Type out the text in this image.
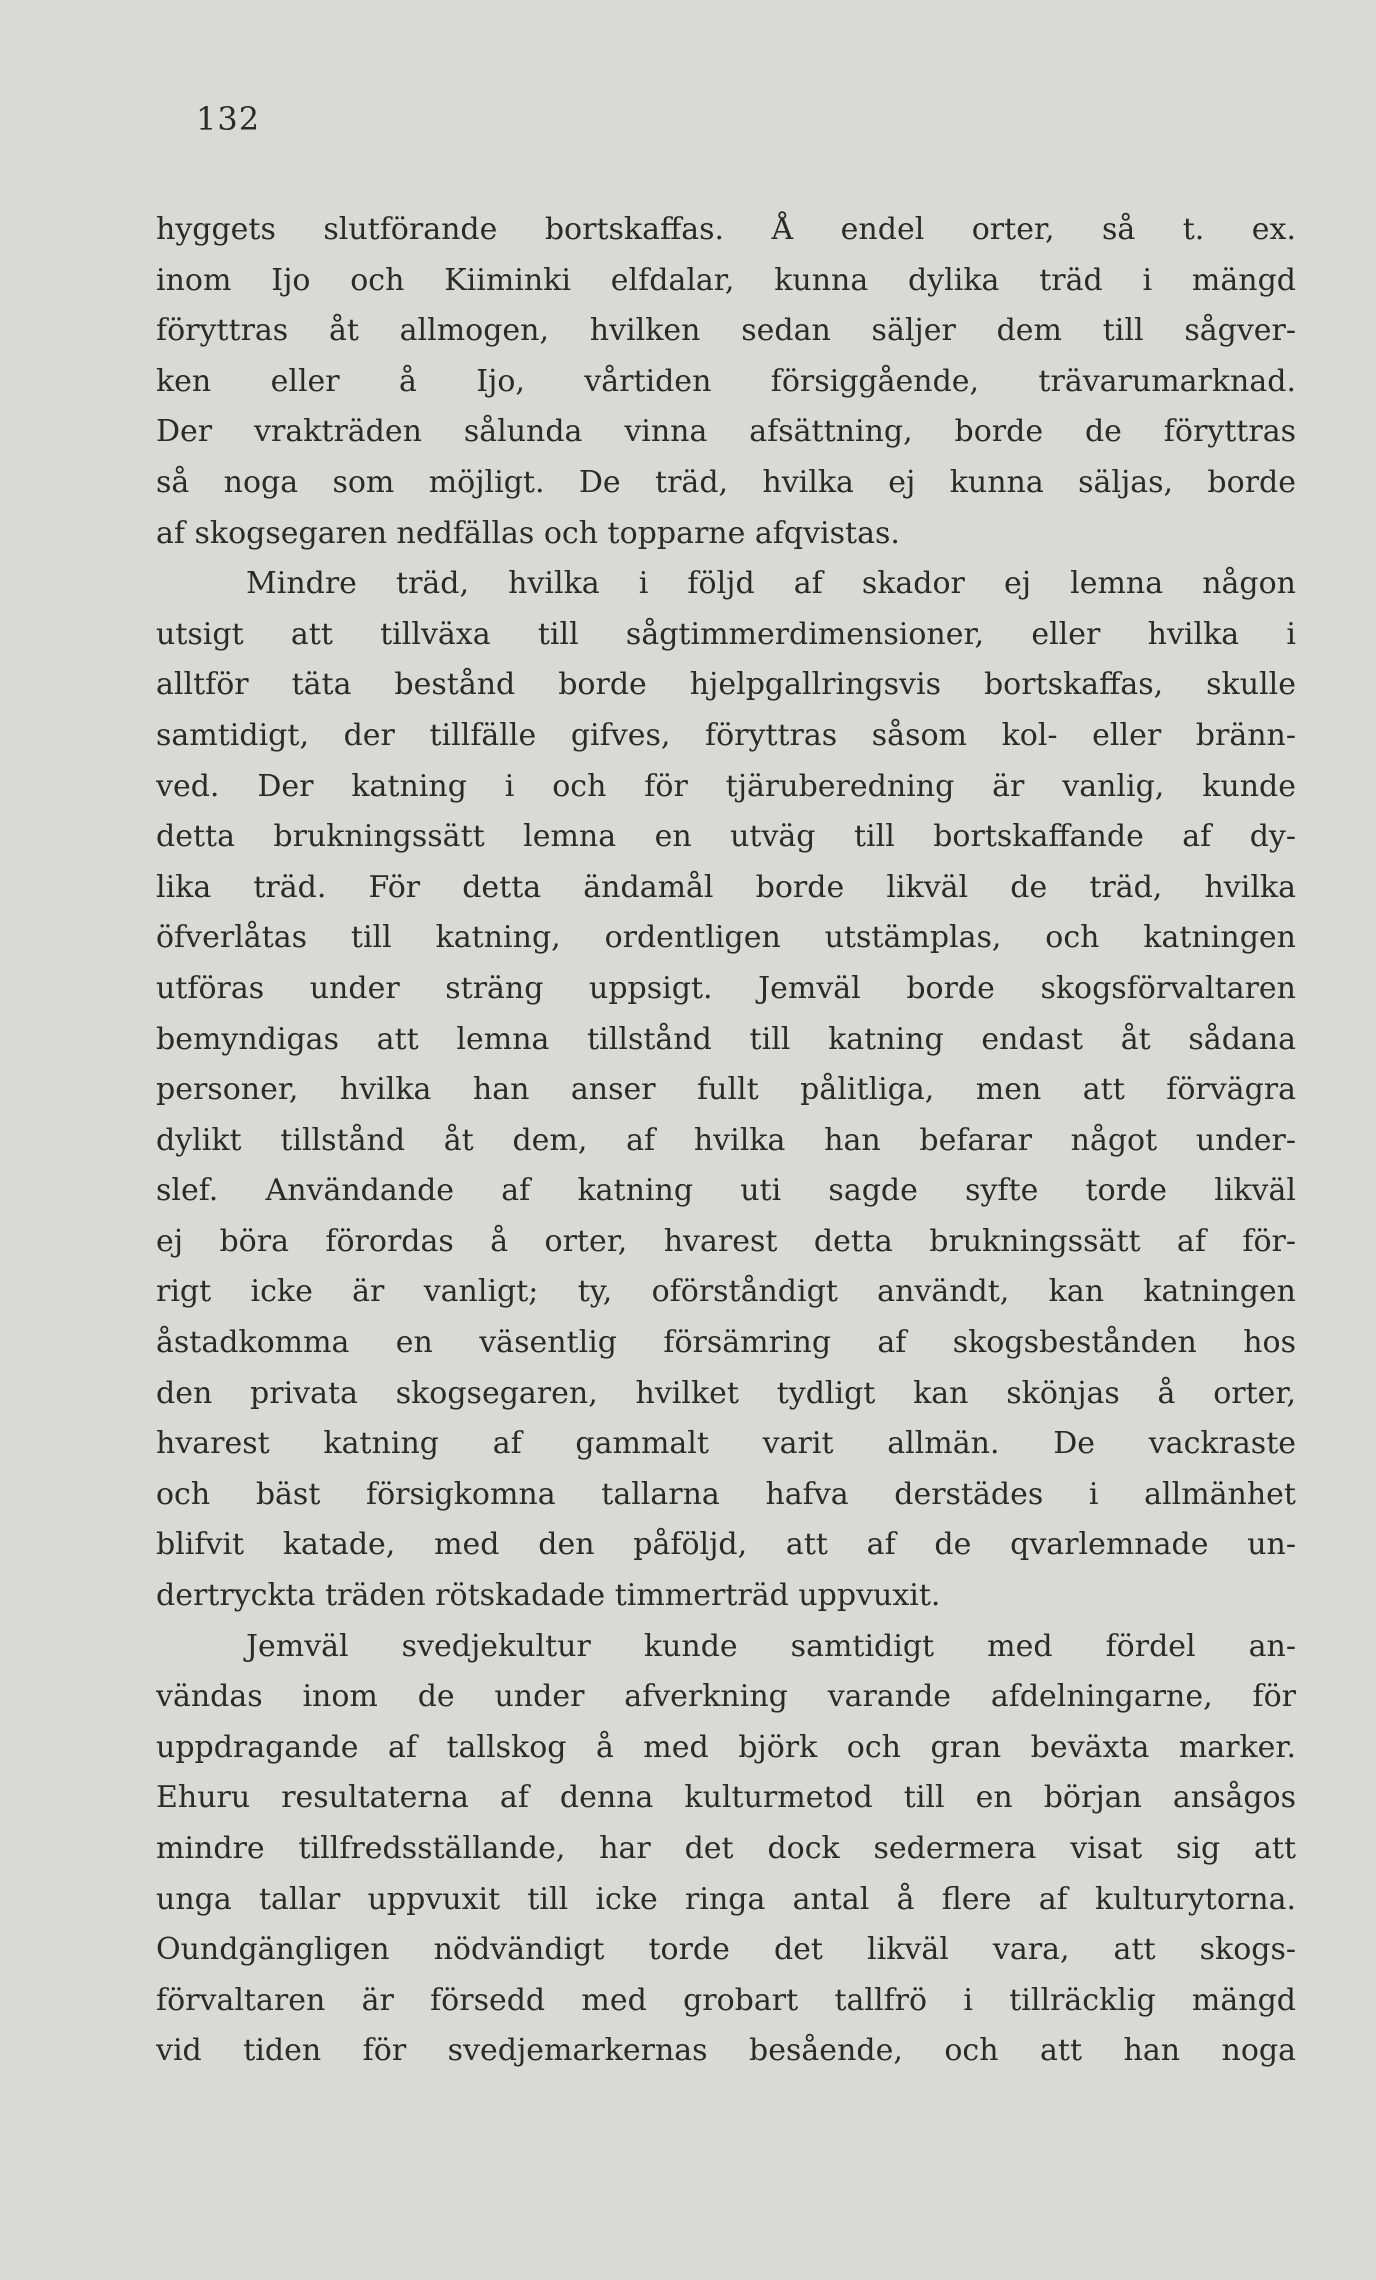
132
hyggets slutförande bortskaffas. Å endel orter, så t. ex.
inom Ijo och Kiiminki elfdalar, kunna dylika träd i mängd
föryttras åt allmogen, hvilken sedan säljer dem till sågver-
ken eller å Ijo, vårtiden försiggående, trävarumarknad.
Der vrakträden sålunda vinna afsättning, borde de föryttras
så noga som möjligt. De träd, hvilka ej kunna säljas, borde
af skogsegaren nedfällas och topparne afqvistas.
Mindre träd, hvilka i följd af skador ej lemna någon
utsigt att tillväxa till sågtimmerdimensioner, eller hvilka i
alltför täta bestånd borde hjelpgallringsvis bortskaffas, skulle
samtidigt, der tillfälle gifves, föryttras såsom kol- eller bränn-
ved. Der katning i och för tjäruberedning är vanlig, kunde
detta brukningssätt lemna en utväg till bortskaffande af dy-
lika träd. För detta ändamål borde likväl de träd, hvilka
öfverlåtas till katning, ordentligen utstämplas, och katningen
utföras under sträng uppsigt. Jemväl borde skogsförvaltaren
bemyndigas att lemna tillstånd till katning endast åt sådana
personer, hvilka han anser fullt pålitliga, men att förvägra
dylikt tillstånd åt dem, af hvilka han befarar något under-
slef. Användande af katning uti sagde syfte torde likväl
ej böra förordas å orter, hvarest detta brukningssätt af för-
rigt icke är vanligt; ty, oförståndigt användt, kan katningen
åstadkomma en väsentlig försämring af skogsbestånden hos
den privata skogsegaren, hvilket tydligt kan skönjas å orter,
hvarest katning af gammalt varit allmän. De vackraste
och bäst försigkomna tallarna hafva derstädes i allmänhet
blifvit katade, med den påföljd, att af de qvarlemnade un-
dertryckta träden rötskadade timmerträd uppvuxit.
Jemväl svedjekultur kunde samtidigt med fördel an-
vändas inom de under afverkning varande afdelningarne, för
uppdragande af tallskog å med björk och gran beväxta marker.
Ehuru resultaterna af denna kulturmetod till en början ansågos
mindre tillfredsställande, har det dock sedermera visat sig att
unga tallar uppvuxit till icke ringa antal å flere af kulturytorna.
Oundgängligen nödvändigt torde det likväl vara, att skogs-
förvaltaren är försedd med grobart tallfrö i tillräcklig mängd
vid tiden för svedjemarkernas besående, och att han noga
